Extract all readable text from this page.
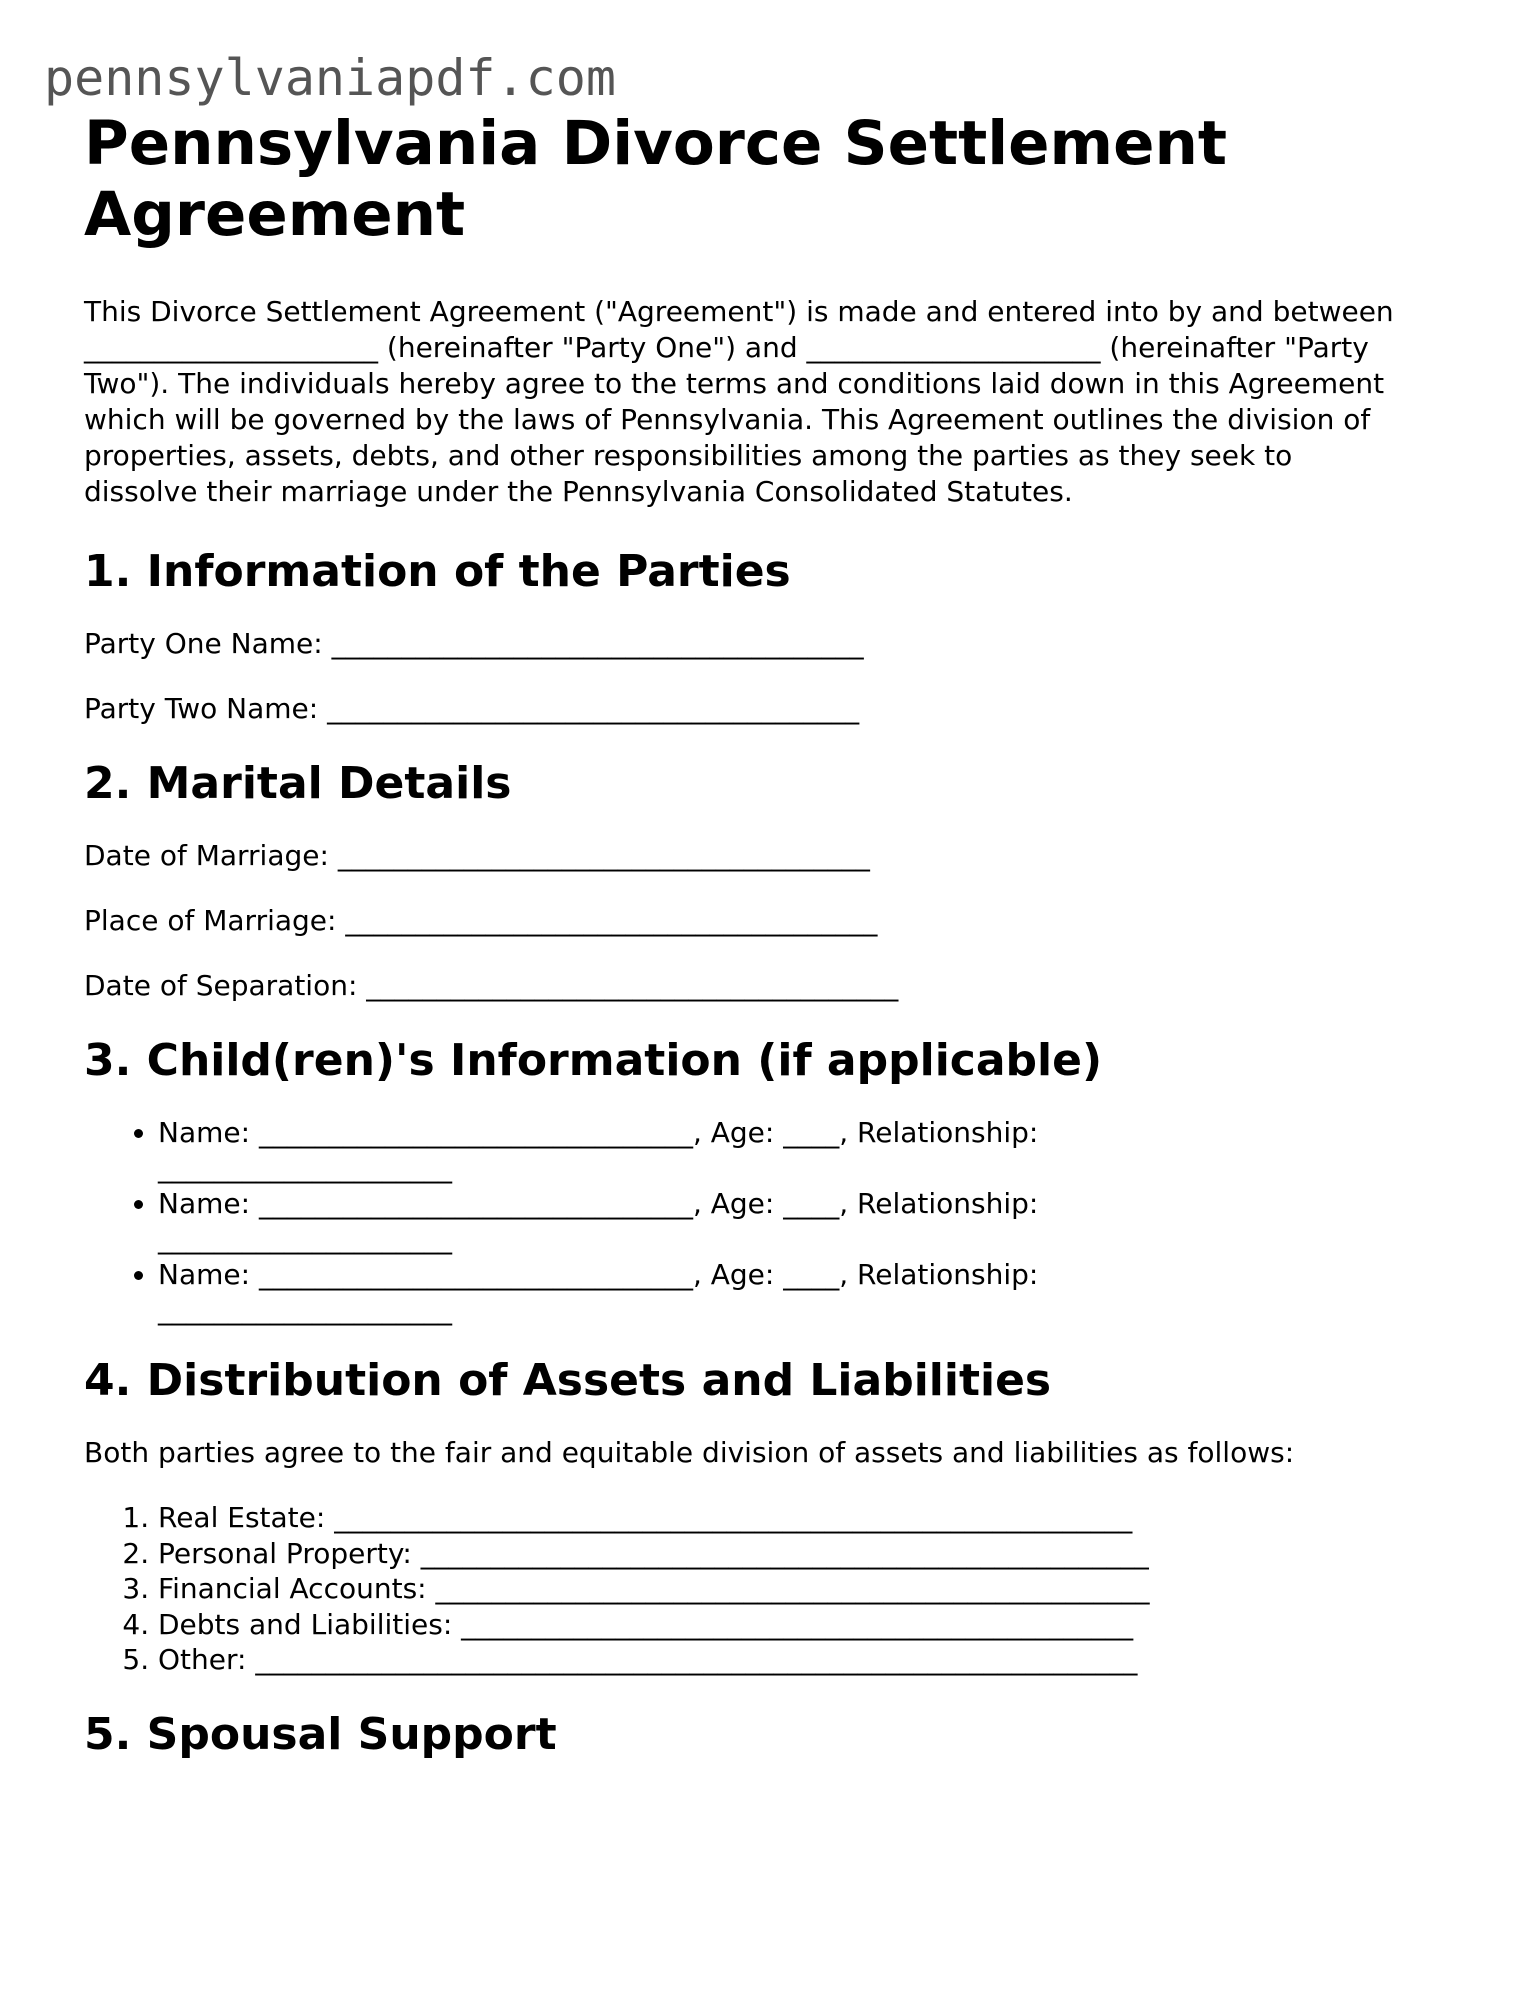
pennsylvaniapdf.com
Pennsylvania Divorce Settlement Agreement

This Divorce Settlement Agreement ("Agreement") is made and entered into by and between _____________________ (hereinafter "Party One") and _____________________ (hereinafter "Party Two"). The individuals hereby agree to the terms and conditions laid down in this Agreement which will be governed by the laws of Pennsylvania. This Agreement outlines the division of properties, assets, debts, and other responsibilities among the parties as they seek to dissolve their marriage under the Pennsylvania Consolidated Statutes.

1. Information of the Parties

Party One Name: ______________________________________

Party Two Name: ______________________________________

2. Marital Details

Date of Marriage: ______________________________________

Place of Marriage: ______________________________________

Date of Separation: ______________________________________

3. Child(ren)'s Information (if applicable)
• Name: _______________________________, Age: ____, Relationship: _____________________
• Name: _______________________________, Age: ____, Relationship: _____________________
• Name: _______________________________, Age: ____, Relationship: _____________________
4. Distribution of Assets and Liabilities

Both parties agree to the fair and equitable division of assets and liabilities as follows:

1. Real Estate: _________________________________________________________
2. Personal Property: ____________________________________________________
3. Financial Accounts: ___________________________________________________
4. Debts and Liabilities: ________________________________________________
5. Other: _______________________________________________________________
5. Spousal Support
